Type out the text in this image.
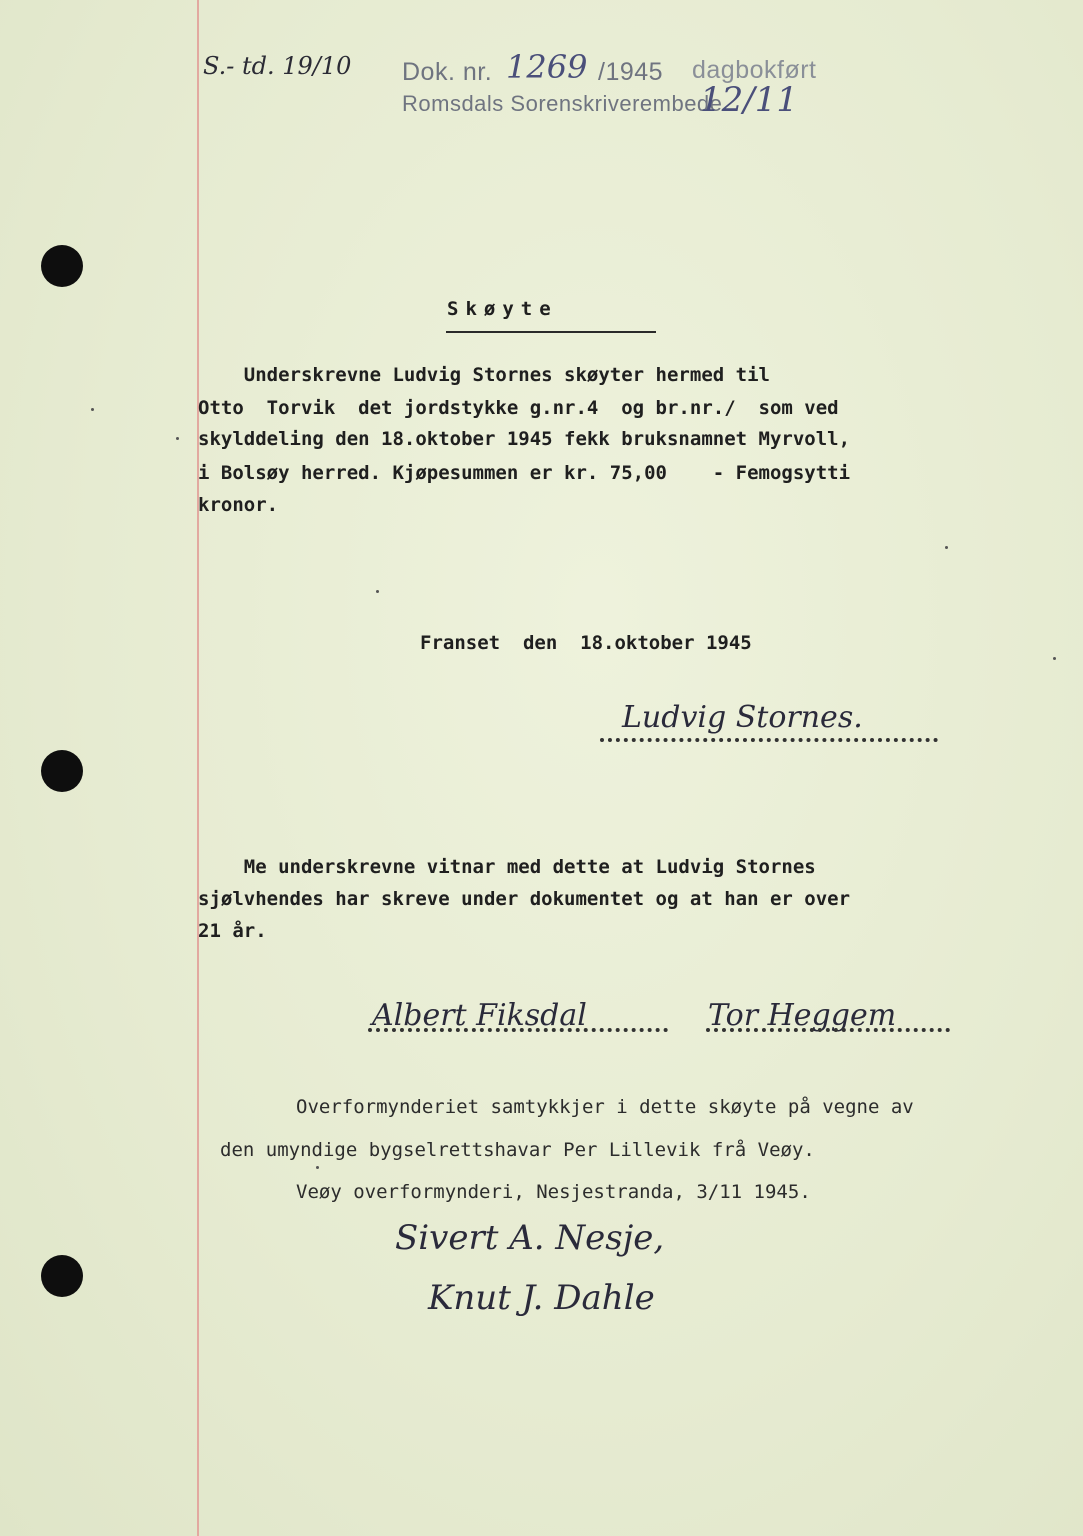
S.- td. 19/10 Dok. nr. 1269 /1945 dagbokført
Romsdals Sorenskriverembede.
12/11
Skøyte
Underskrevne Ludvig Stornes skøyter hermed til
Otto  Torvik  det jordstykke g.nr.4  og br.nr./  som ved
skylddeling den 18.oktober 1945 fekk bruksnamnet Myrvoll,
i Bolsøy herred. Kjøpesummen er kr. 75,00    - Femogsytti
kronor.
Franset  den  18.oktober 1945
Ludvig Stornes.
Me underskrevne vitnar med dette at Ludvig Stornes
sjølvhendes har skreve under dokumentet og at han er over
21 år.
Albert Fiksdal	Tor Heggem
Overformynderiet samtykkjer i dette skøyte på vegne av
den umyndige bygselrettshavar Per Lillevik frå Veøy.
Veøy overformynderi, Nesjestranda, 3/11 1945.
Sivert A. Nesje,
Knut J. Dahle
